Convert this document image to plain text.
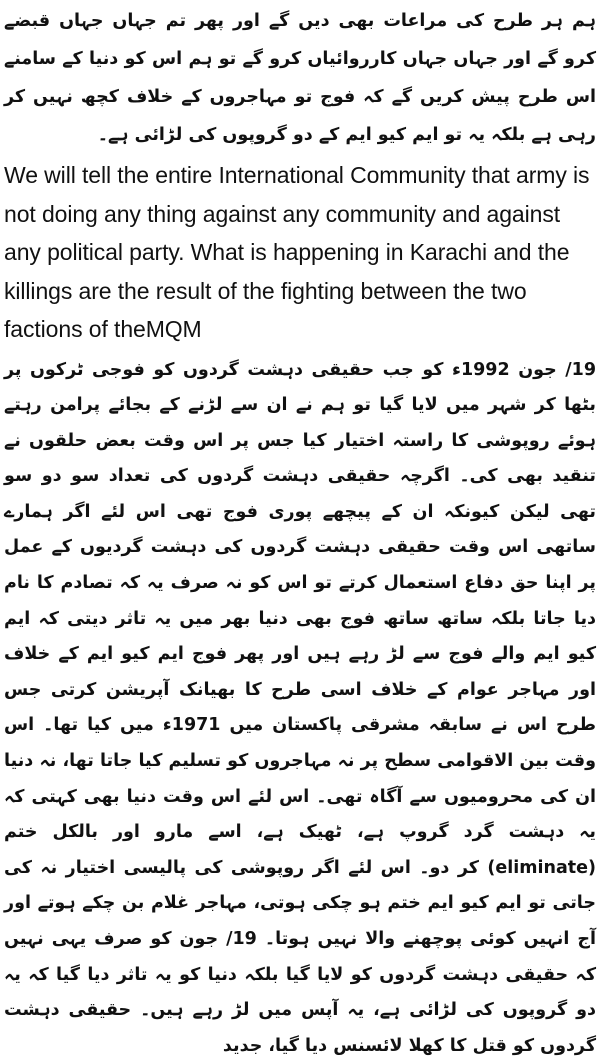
ہم ہر طرح کی مراعات بھی دیں گے اور پھر تم جہاں جہاں قبضے کرو گے اور جہاں جہاں کارروائیاں کرو گے تو ہم اس کو دنیا کے سامنے اس طرح پیش کریں گے کہ فوج تو مہاجروں کے خلاف کچھ نہیں کر رہی ہے بلکہ یہ تو ایم کیو ایم کے دو گروپوں کی لڑائی ہے۔

We will tell the entire International Community that army is not doing any thing against any community and against any political party. What is happening in Karachi and the killings are the result of the fighting between the two factions of theMQM

19/ جون 1992ء کو جب حقیقی دہشت گردوں کو فوجی ٹرکوں پر بٹھا کر شہر میں لایا گیا تو ہم نے ان سے لڑنے کے بجائے پرامن رہتے ہوئے روپوشی کا راستہ اختیار کیا جس پر اس وقت بعض حلقوں نے تنقید بھی کی۔ اگرچہ حقیقی دہشت گردوں کی تعداد سو دو سو تھی لیکن کیونکہ ان کے پیچھے پوری فوج تھی اس لئے اگر ہمارے ساتھی اس وقت حقیقی دہشت گردوں کی دہشت گردیوں کے عمل پر اپنا حق دفاع استعمال کرتے تو اس کو نہ صرف یہ کہ تصادم کا نام دیا جاتا بلکہ ساتھ ساتھ فوج بھی دنیا بھر میں یہ تاثر دیتی کہ ایم کیو ایم والے فوج سے لڑ رہے ہیں اور پھر فوج ایم کیو ایم کے خلاف اور مہاجر عوام کے خلاف اسی طرح کا بھیانک آپریشن کرتی جس طرح اس نے سابقہ مشرقی پاکستان میں 1971ء میں کیا تھا۔ اس وقت بین الاقوامی سطح پر نہ مہاجروں کو تسلیم کیا جاتا تھا، نہ دنیا ان کی محرومیوں سے آگاہ تھی۔ اس لئے اس وقت دنیا بھی کہتی کہ یہ دہشت گرد گروپ ہے، ٹھیک ہے، اسے مارو اور بالکل ختم (eliminate) کر دو۔ اس لئے اگر روپوشی کی پالیسی اختیار نہ کی جاتی تو ایم کیو ایم ختم ہو چکی ہوتی، مہاجر غلام بن چکے ہوتے اور آج انہیں کوئی پوچھنے والا نہیں ہوتا۔ 19/ جون کو صرف یہی نہیں کہ حقیقی دہشت گردوں کو لایا گیا بلکہ دنیا کو یہ تاثر دیا گیا کہ یہ دو گروپوں کی لڑائی ہے، یہ آپس میں لڑ رہے ہیں۔ حقیقی دہشت گردوں کو قتل کا کھلا لائسنس دیا گیا، جدید
